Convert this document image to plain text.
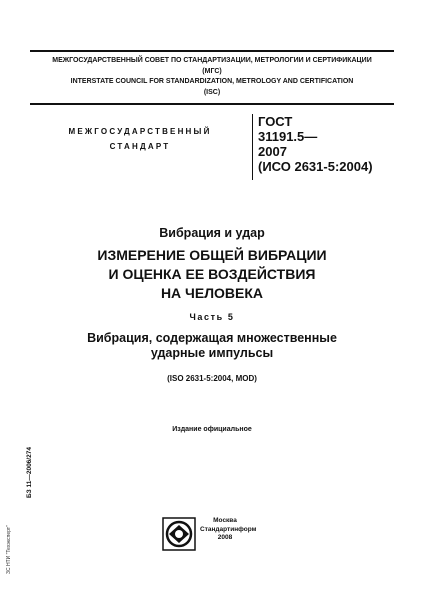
МЕЖГОСУДАРСТВЕННЫЙ СОВЕТ ПО СТАНДАРТИЗАЦИИ, МЕТРОЛОГИИ И СЕРТИФИКАЦИИ
(МГС)
INTERSTATE COUNCIL FOR STANDARDIZATION, METROLOGY AND CERTIFICATION
(ISC)
МЕЖГОСУДАРСТВЕННЫЙ
СТАНДАРТ
ГОСТ
31191.5—
2007
(ИСО 2631-5:2004)
Вибрация и удар
ИЗМЕРЕНИЕ ОБЩЕЙ ВИБРАЦИИ
И ОЦЕНКА ЕЕ ВОЗДЕЙСТВИЯ
НА ЧЕЛОВЕКА
Часть 5
Вибрация, содержащая множественные
ударные импульсы
(ISO 2631-5:2004, MOD)
Издание официальное
БЗ 11—2006/274
ЗС НТИ "Техэксперт"
Москва
Стандартинформ
2008
